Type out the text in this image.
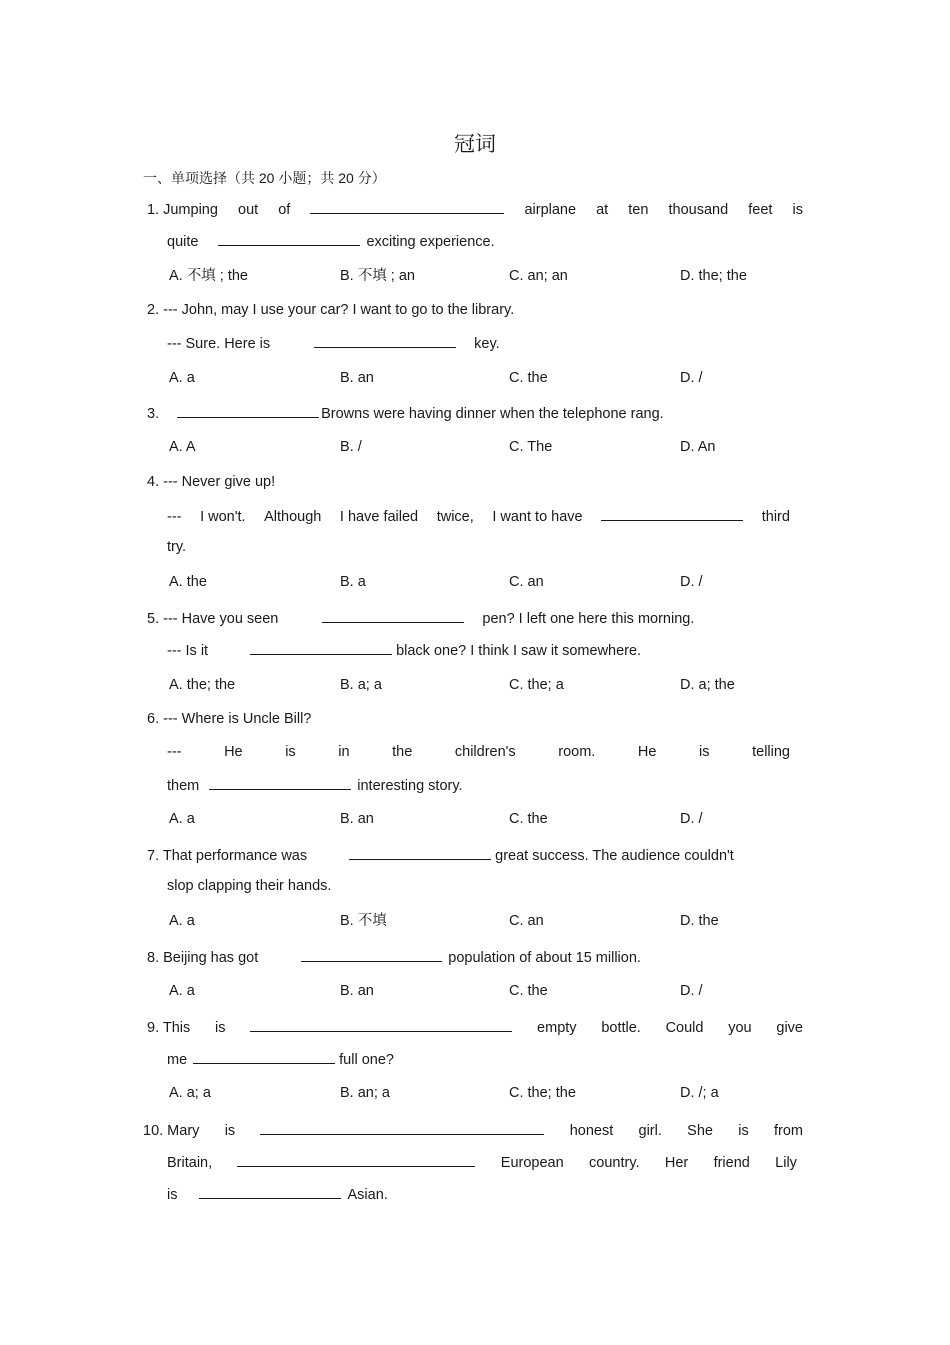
冠词
一、单项选择（共 20 小题；共 20 分）
1. Jumping out of	airplane at ten thousand feet is
quite	exciting experience.
A. 不填 ; the	B. 不填 ; an	C. an; an	D. the; the
2. --- John, may I use your car? I want to go to the library.
--- Sure. Here is	key.
A. a	B. an	C. the	D. /
3.	Browns were having dinner when the telephone rang.
A. A	B. /	C. The	D. An
4. --- Never give up!
--- I won't. Although I have failed twice, I want to have	third
try.
A. the	B. a	C. an	D. /
5. --- Have you seen	pen? I left one here this morning.
--- Is it	black one? I think I saw it somewhere.
A. the; the	B. a; a	C. the; a	D. a; the
6. --- Where is Uncle Bill?
---	He	is	in	the	children's	room.	He	is	telling
them	interesting story.
A. a	B. an	C. the	D. /
7. That performance was	great success. The audience couldn't
slop clapping their hands.
A. a	B. 不填	C. an	D. the
8. Beijing has got	population of about 15 million.
A. a	B. an	C. the	D. /
9. This is	empty bottle. Could you give
me	full one?
A. a; a	B. an; a	C. the; the	D. /; a
10. Mary is	honest girl. She is from
Britain,	European country. Her friend Lily
is	Asian.
